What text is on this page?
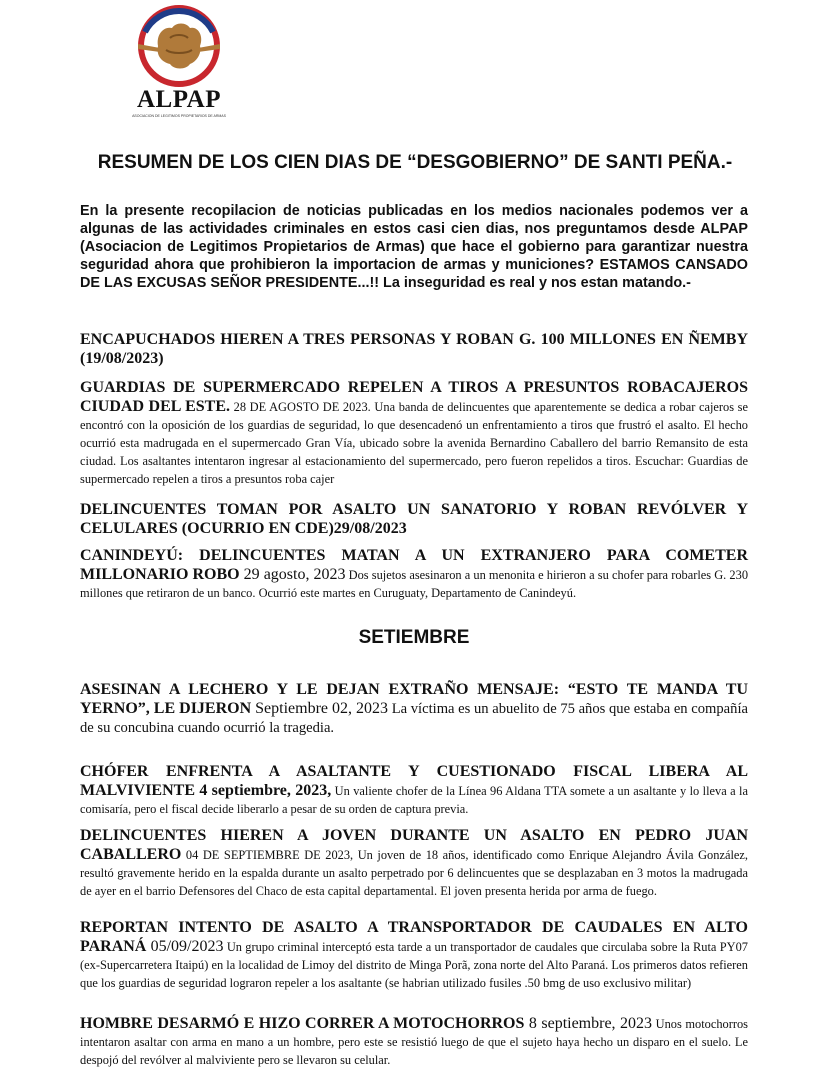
ALPAP
ASOCIACION DE LEGITIMOS PROPIETARIOS DE ARMAS
RESUMEN DE LOS CIEN DIAS DE “DESGOBIERNO” DE SANTI PEÑA.-
En la presente recopilacion de noticias publicadas en los medios nacionales podemos ver a algunas de las actividades criminales en estos casi cien dias, nos preguntamos desde ALPAP (Asociacion de Legitimos Propietarios de Armas) que hace el gobierno para garantizar nuestra seguridad ahora que prohibieron la importacion de armas y municiones? ESTAMOS CANSADO DE LAS EXCUSAS SEÑOR PRESIDENTE...!! La inseguridad es real y nos estan matando.-
ENCAPUCHADOS HIEREN A TRES PERSONAS Y ROBAN G. 100 MILLONES EN ÑEMBY (19/08/2023)
GUARDIAS DE SUPERMERCADO REPELEN A TIROS A PRESUNTOS ROBACAJEROS CIUDAD DEL ESTE. 28 DE AGOSTO DE 2023. Una banda de delincuentes que aparentemente se dedica a robar cajeros se encontró con la oposición de los guardias de seguridad, lo que desencadenó un enfrentamiento a tiros que frustró el asalto. El hecho ocurrió esta madrugada en el supermercado Gran Vía, ubicado sobre la avenida Bernardino Caballero del barrio Remansito de esta ciudad. Los asaltantes intentaron ingresar al estacionamiento del supermercado, pero fueron repelidos a tiros. Escuchar: Guardias de supermercado repelen a tiros a presuntos roba cajer
DELINCUENTES TOMAN POR ASALTO UN SANATORIO Y ROBAN REVÓLVER Y CELULARES (OCURRIO EN CDE)29/08/2023
CANINDEYÚ: DELINCUENTES MATAN A UN EXTRANJERO PARA COMETER MILLONARIO ROBO 29 agosto, 2023 Dos sujetos asesinaron a un menonita e hirieron a su chofer para robarles G. 230 millones que retiraron de un banco. Ocurrió este martes en Curuguaty, Departamento de Canindeyú.
SETIEMBRE
ASESINAN A LECHERO Y LE DEJAN EXTRAÑO MENSAJE: “ESTO TE MANDA TU YERNO”, LE DIJERON Septiembre 02, 2023 La víctima es un abuelito de 75 años que estaba en compañía de su concubina cuando ocurrió la tragedia.
CHÓFER ENFRENTA A ASALTANTE Y CUESTIONADO FISCAL LIBERA AL MALVIVIENTE 4 septiembre, 2023, Un valiente chofer de la Línea 96 Aldana TTA somete a un asaltante y lo lleva a la comisaría, pero el fiscal decide liberarlo a pesar de su orden de captura previa.
DELINCUENTES HIEREN A JOVEN DURANTE UN ASALTO EN PEDRO JUAN CABALLERO 04 DE SEPTIEMBRE DE 2023, Un joven de 18 años, identificado como Enrique Alejandro Ávila González, resultó gravemente herido en la espalda durante un asalto perpetrado por 6 delincuentes que se desplazaban en 3 motos la madrugada de ayer en el barrio Defensores del Chaco de esta capital departamental. El joven presenta herida por arma de fuego.
REPORTAN INTENTO DE ASALTO A TRANSPORTADOR DE CAUDALES EN ALTO PARANÁ 05/09/2023 Un grupo criminal interceptó esta tarde a un transportador de caudales que circulaba sobre la Ruta PY07 (ex-Supercarretera Itaipú) en la localidad de Limoy del distrito de Minga Porã, zona norte del Alto Paraná. Los primeros datos refieren que los guardias de seguridad lograron repeler a los asaltante (se habrian utilizado fusiles .50 bmg de uso exclusivo militar)
HOMBRE DESARMÓ E HIZO CORRER A MOTOCHORROS 8 septiembre, 2023 Unos motochorros intentaron asaltar con arma en mano a un hombre, pero este se resistió luego de que el sujeto haya hecho un disparo en el suelo. Le despojó del revólver al malviviente pero se llevaron su celular.
